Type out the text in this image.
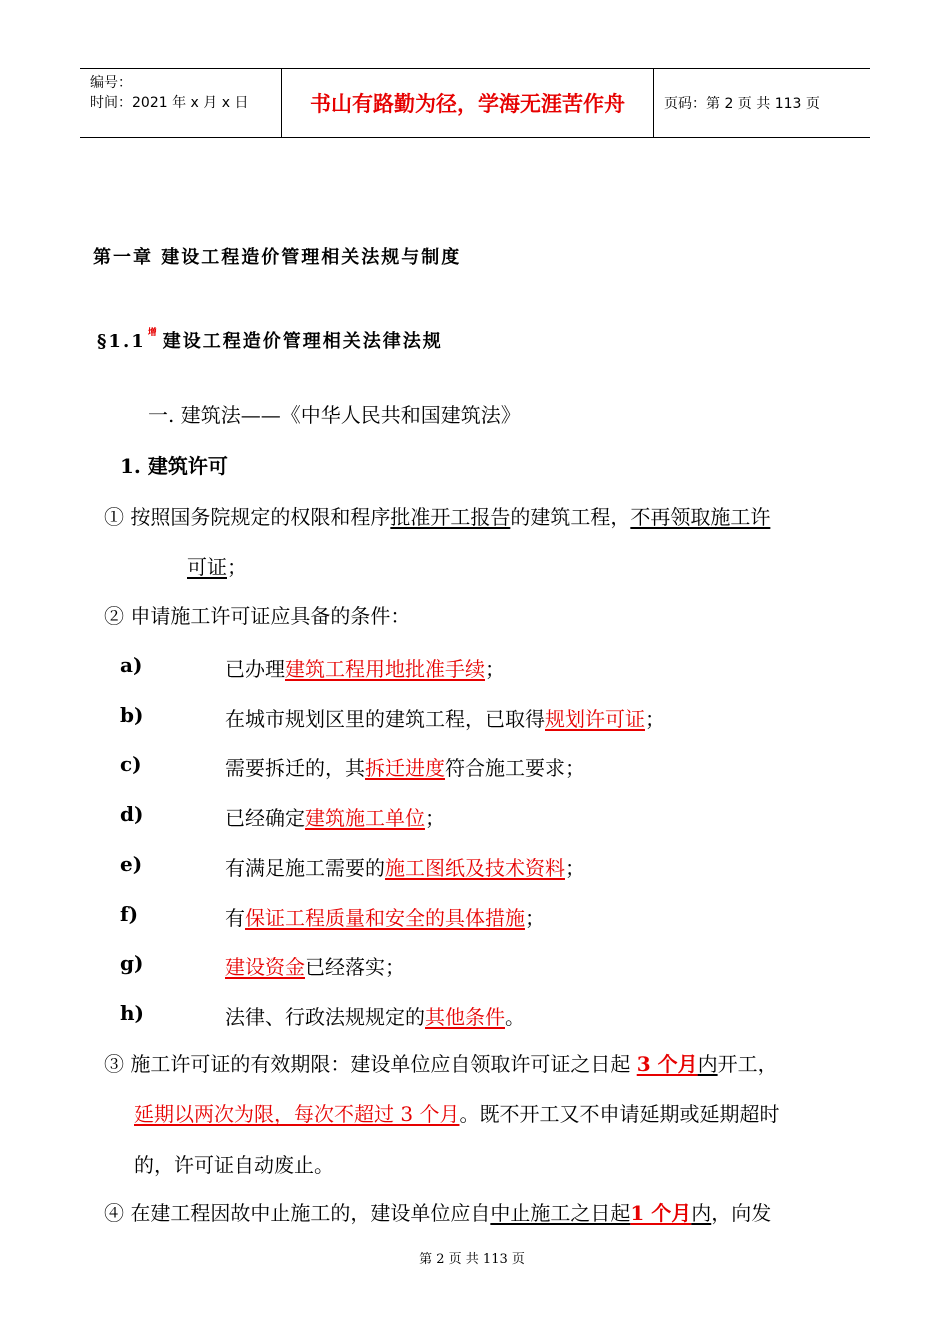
编号：
时间：2021 年 x 月 x 日	书山有路勤为径，学海无涯苦作舟	页码：第 2 页 共 113 页
第一章 建设工程造价管理相关法规与制度
§1.1 $^增$ 建设工程造价管理相关法律法规
一. 建筑法——《中华人民共和国建筑法》
1. 建筑许可
① 按照国务院规定的权限和程序批准开工报告的建筑工程，不再领取施工许
可证；
② 申请施工许可证应具备的条件：
a)	已办理建筑工程用地批准手续；
b)	在城市规划区里的建筑工程，已取得规划许可证；
c)	需要拆迁的，其拆迁进度符合施工要求；
d)	已经确定建筑施工单位；
e)	有满足施工需要的施工图纸及技术资料；
f)	有保证工程质量和安全的具体措施；
g)	建设资金已经落实；
h)	法律、行政法规规定的其他条件。
③ 施工许可证的有效期限：建设单位应自领取许可证之日起 3 个月内开工，
延期以两次为限，每次不超过 3 个月。既不开工又不申请延期或延期超时
的，许可证自动废止。
④ 在建工程因故中止施工的，建设单位应自中止施工之日起1 个月内，向发
第 2 页 共 113 页
